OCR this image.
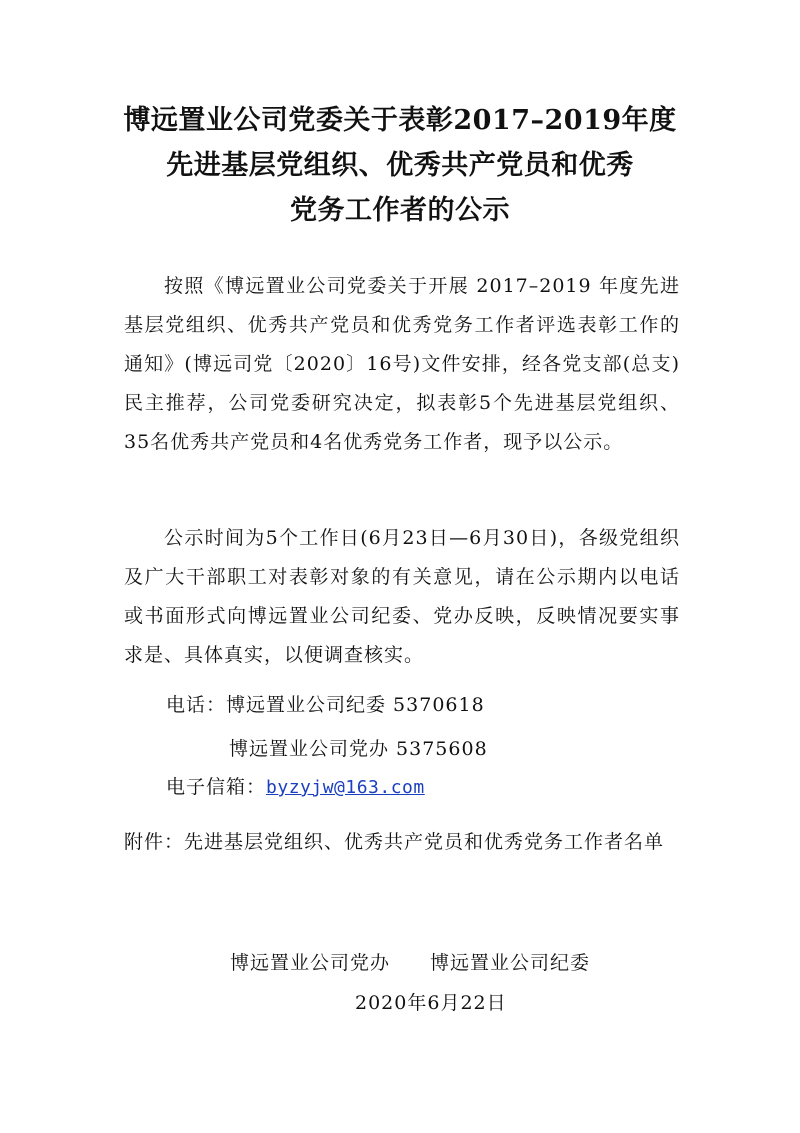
博远置业公司党委关于表彰2017–2019年度
先进基层党组织、优秀共产党员和优秀
党务工作者的公示
按照《博远置业公司党委关于开展 2017–2019 年度先进基层党组织、优秀共产党员和优秀党务工作者评选表彰工作的通知》(博远司党〔2020〕16号)文件安排，经各党支部(总支)民主推荐，公司党委研究决定，拟表彰5个先进基层党组织、35名优秀共产党员和4名优秀党务工作者，现予以公示。
公示时间为5个工作日(6月23日—6月30日)，各级党组织及广大干部职工对表彰对象的有关意见，请在公示期内以电话或书面形式向博远置业公司纪委、党办反映，反映情况要实事求是、具体真实，以便调查核实。
电话：博远置业公司纪委 5370618
博远置业公司党办 5375608
电子信箱：byzyjw@163.com
附件：先进基层党组织、优秀共产党员和优秀党务工作者名单
博远置业公司党办 博远置业公司纪委
2020年6月22日
